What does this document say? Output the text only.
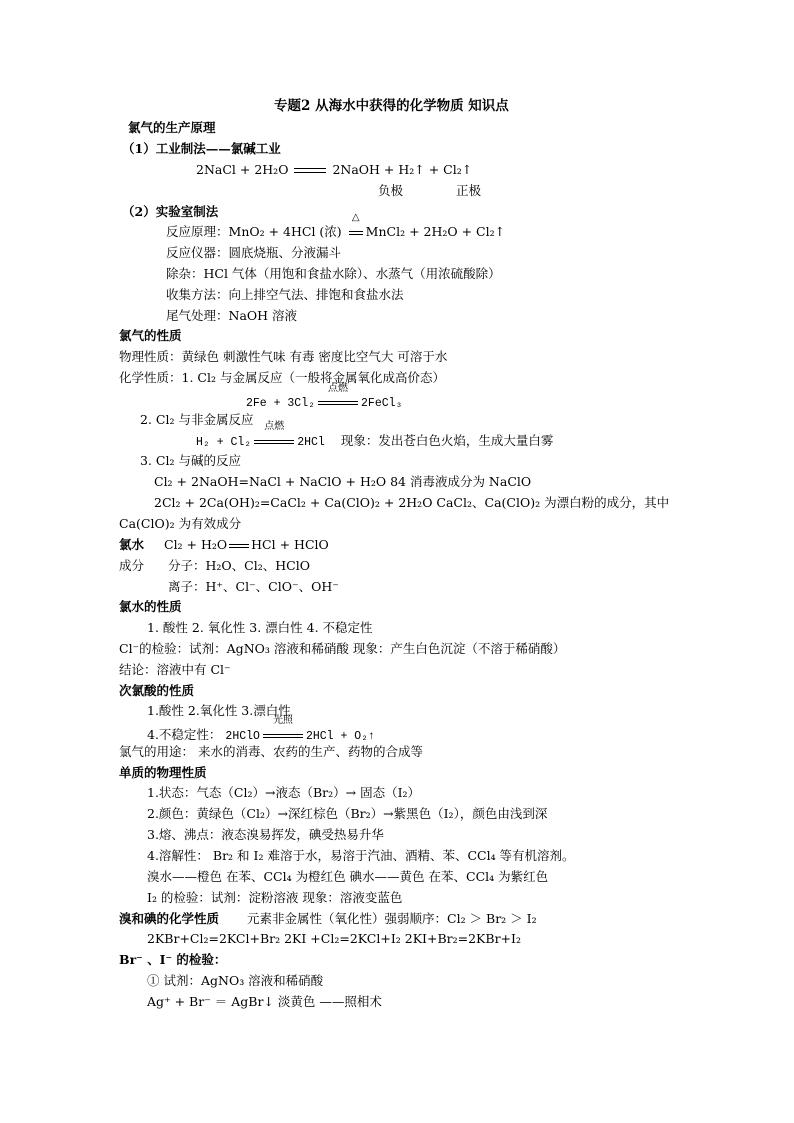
专题2 从海水中获得的化学物质 知识点
氯气的生产原理
（1）工业制法——氯碱工业
2NaCl + 2H₂O	2NaOH + H₂↑ + Cl₂↑
负极	正极
（2）实验室制法
反应原理：MnO₂ + 4HCl (浓)
△
MnCl₂ + 2H₂O + Cl₂↑
反应仪器：圆底烧瓶、分液漏斗
除杂：HCl 气体（用饱和食盐水除）、水蒸气（用浓硫酸除）
收集方法：向上排空气法、排饱和食盐水法
尾气处理：NaOH 溶液
氯气的性质
物理性质：黄绿色 刺激性气味 有毒 密度比空气大 可溶于水
化学性质：1. Cl₂ 与金属反应（一般将金属氧化成高价态）
2Fe + 3Cl₂
点燃
2FeCl₃
2. Cl₂ 与非金属反应
H₂ + Cl₂
点燃
2HCl 现象：发出苍白色火焰，生成大量白雾
3. Cl₂ 与碱的反应
Cl₂ + 2NaOH=NaCl + NaClO + H₂O 84 消毒液成分为 NaClO
2Cl₂ + 2Ca(OH)₂=CaCl₂ + Ca(ClO)₂ + 2H₂O CaCl₂、Ca(ClO)₂ 为漂白粉的成分，其中
Ca(ClO)₂ 为有效成分
氯水 Cl₂ + H₂O HCl + HClO
成分 分子：H₂O、Cl₂、HClO
离子：H⁺、Cl⁻、ClO⁻、OH⁻
氯水的性质
1. 酸性 2. 氧化性 3. 漂白性 4. 不稳定性
Cl⁻的检验：试剂：AgNO₃ 溶液和稀硝酸 现象：产生白色沉淀（不溶于稀硝酸）
结论：溶液中有 Cl⁻
次氯酸的性质
1.酸性 2.氧化性 3.漂白性
4.不稳定性： 2HClO
光照
2HCl + O₂↑
氯气的用途： 来水的消毒、农药的生产、药物的合成等
单质的物理性质
1.状态：气态（Cl₂）→液态（Br₂）→ 固态（I₂）
2.颜色：黄绿色（Cl₂）→深红棕色（Br₂）→紫黑色（I₂），颜色由浅到深
3.熔、沸点：液态溴易挥发，碘受热易升华
4.溶解性： Br₂ 和 I₂ 难溶于水，易溶于汽油、酒精、苯、CCl₄ 等有机溶剂。
溴水——橙色 在苯、CCl₄ 为橙红色 碘水——黄色 在苯、CCl₄ 为紫红色
I₂ 的检验：试剂：淀粉溶液 现象：溶液变蓝色
溴和碘的化学性质 元素非金属性（氧化性）强弱顺序：Cl₂ ＞ Br₂ ＞ I₂
2KBr+Cl₂=2KCl+Br₂ 2KI +Cl₂=2KCl+I₂ 2KI+Br₂=2KBr+I₂
Br⁻ 、I⁻ 的检验：
① 试剂：AgNO₃ 溶液和稀硝酸
Ag⁺ + Br⁻ ＝ AgBr↓ 淡黄色 ——照相术
